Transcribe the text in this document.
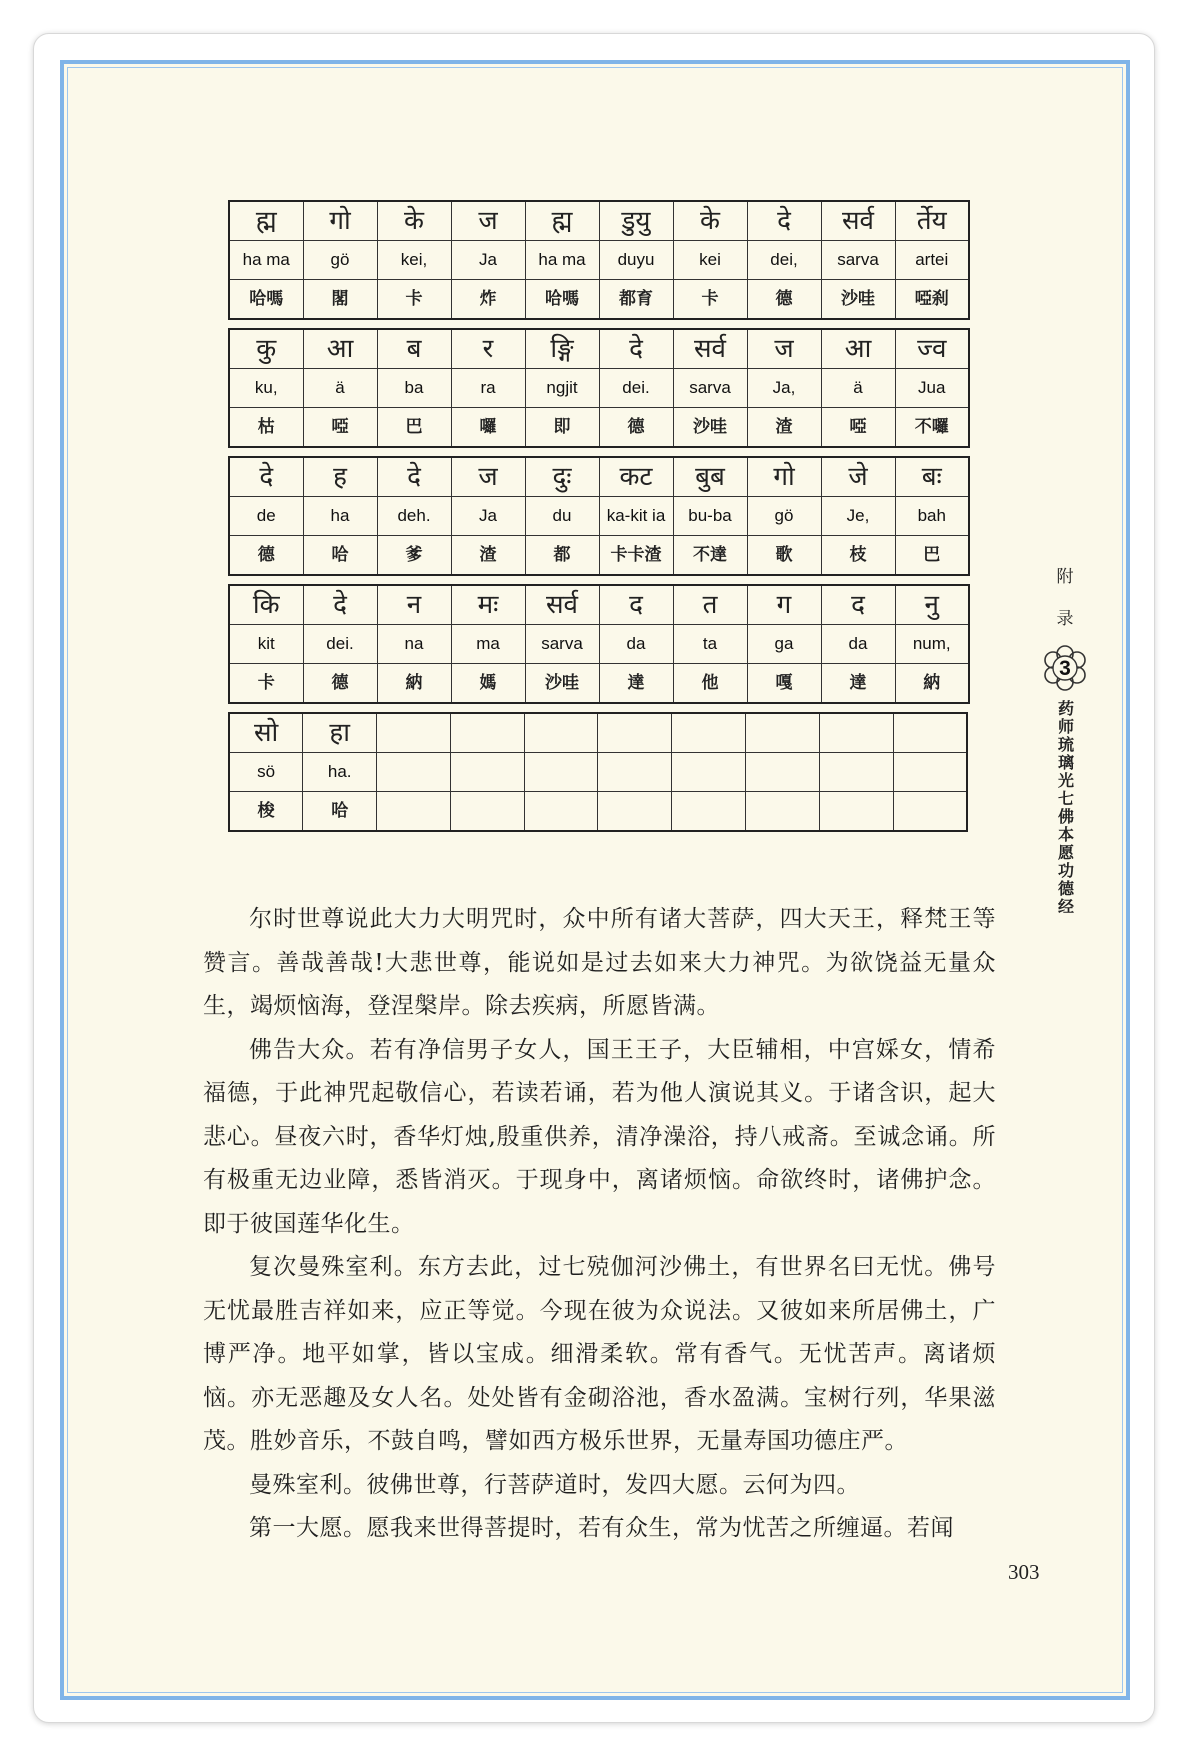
ह्म	गो	के	ज	ह्म	डुयु	के	दे	सर्व	र्तेय
ha ma	gö	kei,	Ja	ha ma	duyu	kei	dei,	sarva	artei
哈嗎	閣	卡	炸	哈嗎	都育	卡	德	沙哇	啞刹
कु	आ	ब	र	ङ्गि	दे	सर्व	ज	आ	ज्व
ku,	ä	ba	ra	ngjit	dei.	sarva	Ja,	ä	Jua
枯	啞	巴	囉	即	德	沙哇	渣	啞	不囉
दे	ह	दे	ज	दुः	कट	बुब	गो	जे	बः
de	ha	deh.	Ja	du	ka-kit ia	bu-ba	gö	Je,	bah
德	哈	爹	渣	都	卡卡渣	不達	歌	枝	巴
कि	दे	न	मः	सर्व	द	त	ग	द	नु
kit	dei.	na	ma	sarva	da	ta	ga	da	num,
卡	德	納	媽	沙哇	達	他	嘎	達	納
सो	हा								
sö	ha.								
梭	哈								

尔时世尊说此大力大明咒时，众中所有诸大菩萨，四大天王，释梵王等赞言。善哉善哉!大悲世尊，能说如是过去如来大力神咒。为欲饶益无量众生，竭烦恼海，登涅槃岸。除去疾病，所愿皆满。

佛告大众。若有净信男子女人，国王王子，大臣辅相，中宫婇女，情希福德，于此神咒起敬信心，若读若诵，若为他人演说其义。于诸含识，起大悲心。昼夜六时，香华灯烛,殷重供养，清净澡浴，持八戒斋。至诚念诵。所有极重无边业障，悉皆消灭。于现身中，离诸烦恼。命欲终时，诸佛护念。即于彼国莲华化生。

复次曼殊室利。东方去此，过七殑伽河沙佛土，有世界名曰无忧。佛号无忧最胜吉祥如来，应正等觉。今现在彼为众说法。又彼如来所居佛土，广博严净。地平如掌，皆以宝成。细滑柔软。常有香气。无忧苦声。离诸烦恼。亦无恶趣及女人名。处处皆有金砌浴池，香水盈满。宝树行列，华果滋茂。胜妙音乐，不鼓自鸣，譬如西方极乐世界，无量寿国功德庄严。

曼殊室利。彼佛世尊，行菩萨道时，发四大愿。云何为四。

第一大愿。愿我来世得菩提时，若有众生，常为忧苦之所缠逼。若闻

附
录
3
药师琉璃光七佛本愿功德经
303
